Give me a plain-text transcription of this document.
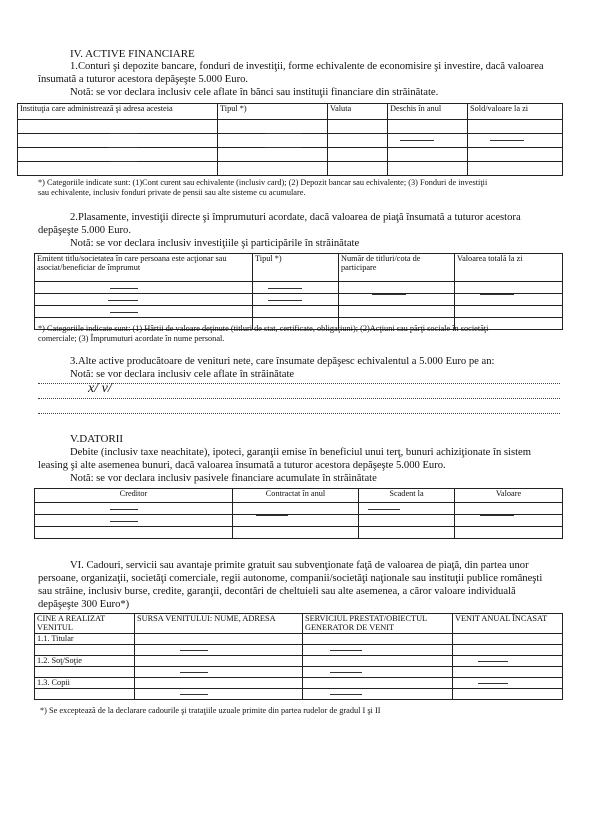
IV. ACTIVE FINANCIARE
1.Conturi şi depozite bancare, fonduri de investiţii, forme echivalente de economisire şi investire, dacă valoarea
însumată a tuturor acestora depăşeşte 5.000 Euro.
Notă: se vor declara inclusiv cele aflate în bănci sau instituţii financiare din străinătate.
Instituţia care administrează şi adresa acesteia	Tipul *)	Valuta	Deschis în anul	Sold/valoare la zi

*) Categoriile indicate sunt: (1)Cont curent sau echivalente (inclusiv card); (2) Depozit bancar sau echivalente; (3) Fonduri de investiţii
sau echivalente, inclusiv fonduri private de pensii sau alte sisteme cu acumulare.
2.Plasamente, investiţii directe şi împrumuturi acordate, dacă valoarea de piaţă însumată a tuturor acestora
depăşeşte 5.000 Euro.
Notă: se vor declara inclusiv investiţiile şi participările în străinătate
Emitent titlu/societatea în care persoana este acţionar sau asociat/beneficiar de împrumut	Tipul *)	Număr de titluri/cota de participare	Valoarea totală la zi

*) Categoriile indicate sunt: (1) Hârtii de valoare deţinute (titluri de stat, certificate, obligaţiuni); (2)Acţiuni sau părţi sociale în societăţi
comerciale; (3) Împrumuturi acordate în nume personal.
3.Alte active producătoare de venituri nete, care însumate depăşesc echivalentul a 5.000 Euro pe an:
Notă: se vor declara inclusiv cele aflate în străinătate
x/ v/
V.DATORII
Debite (inclusiv taxe neachitate), ipoteci, garanţii emise în beneficiul unui terţ, bunuri achiziţionate în sistem
leasing şi alte asemenea bunuri, dacă valoarea însumată a tuturor acestora depăşeşte 5.000 Euro.
Notă: se vor declara inclusiv pasivele financiare acumulate în străinătate
Creditor	Contractat în anul	Scadent la	Valoare

VI. Cadouri, servicii sau avantaje primite gratuit sau subvenţionate faţă de valoarea de piaţă, din partea unor
persoane, organizaţii, societăţi comerciale, regii autonome, companii/societăţi naţionale sau instituţii publice româneşti
sau străine, inclusiv burse, credite, garanţii, decontări de cheltuieli sau alte asemenea, a căror valoare individuală
depăşeşte 300 Euro*)
CINE A REALIZAT VENITUL	SURSA VENITULUI: NUME, ADRESA	SERVICIUL PRESTAT/OBIECTUL GENERATOR DE VENIT	VENIT ANUAL ÎNCASAT
1.1. Titular			

1.2. Soţ/Soţie			

1.3. Copii			

*) Se exceptează de la declarare cadourile şi trataţiile uzuale primite din partea rudelor de gradul I şi II
